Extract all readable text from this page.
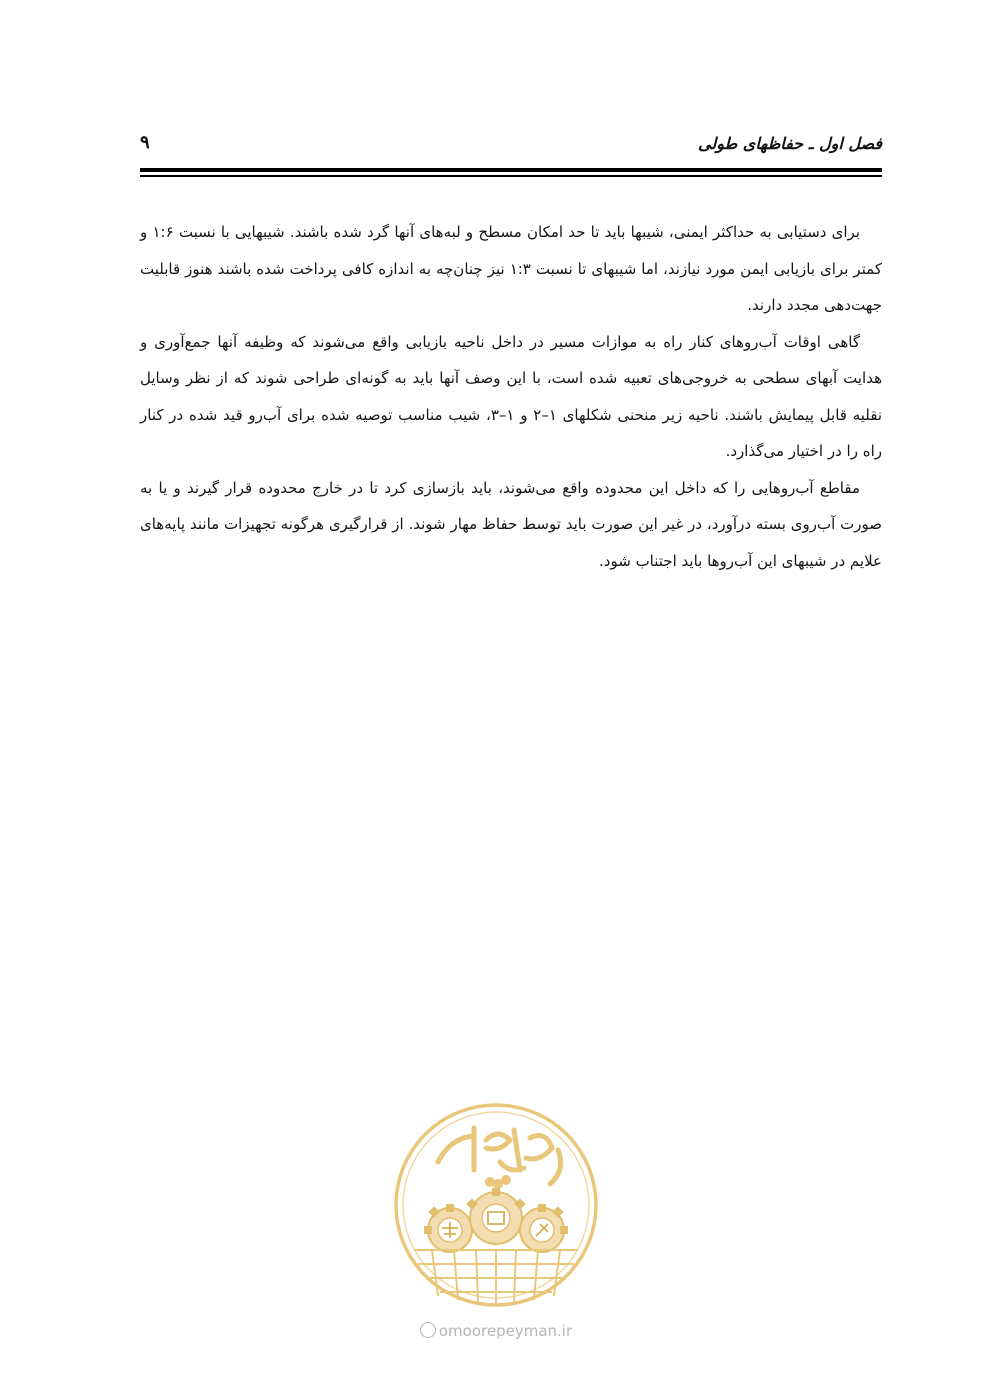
فصل اول ـ حفاظهای طولی
۹

برای دستیابی به حداکثر ایمنی، شیبها باید تا حد امکان مسطح و لبه‌های آنها گرد شده باشند. شیبهایی با نسبت ۱:۶ و کمتر برای بازیابی ایمن مورد نیازند، اما شیبهای تا نسبت ۱:۳ نیز چنان‌چه به اندازه کافی پرداخت شده باشند هنوز قابلیت جهت‌دهی مجدد دارند.

گاهی اوقات آب‌روهای کنار راه به موازات مسیر در داخل ناحیه بازیابی واقع می‌شوند که وظیفه آنها جمع‌آوری و هدایت آبهای سطحی به خروجی‌های تعبیه شده است، با این وصف آنها باید به گونه‌ای طراحی شوند که از نظر وسایل نقلیه قابل پیمایش باشند. ناحیه زیر منحنی شکلهای ۱–۲ و ۱–۳، شیب مناسب توصیه شده برای آب‌رو قید شده در کنار راه را در اختیار می‌گذارد.

مقاطع آب‌روهایی را که داخل این محدوده واقع می‌شوند، باید بازسازی کرد تا در خارج محدوده قرار گیرند و یا به صورت آب‌روی بسته درآورد، در غیر این صورت باید توسط حفاظ مهار شوند. از قرارگیری هرگونه تجهیزات مانند پایه‌های علایم در شیبهای این آب‌روها باید اجتناب شود.

omoorepeyman.ir
